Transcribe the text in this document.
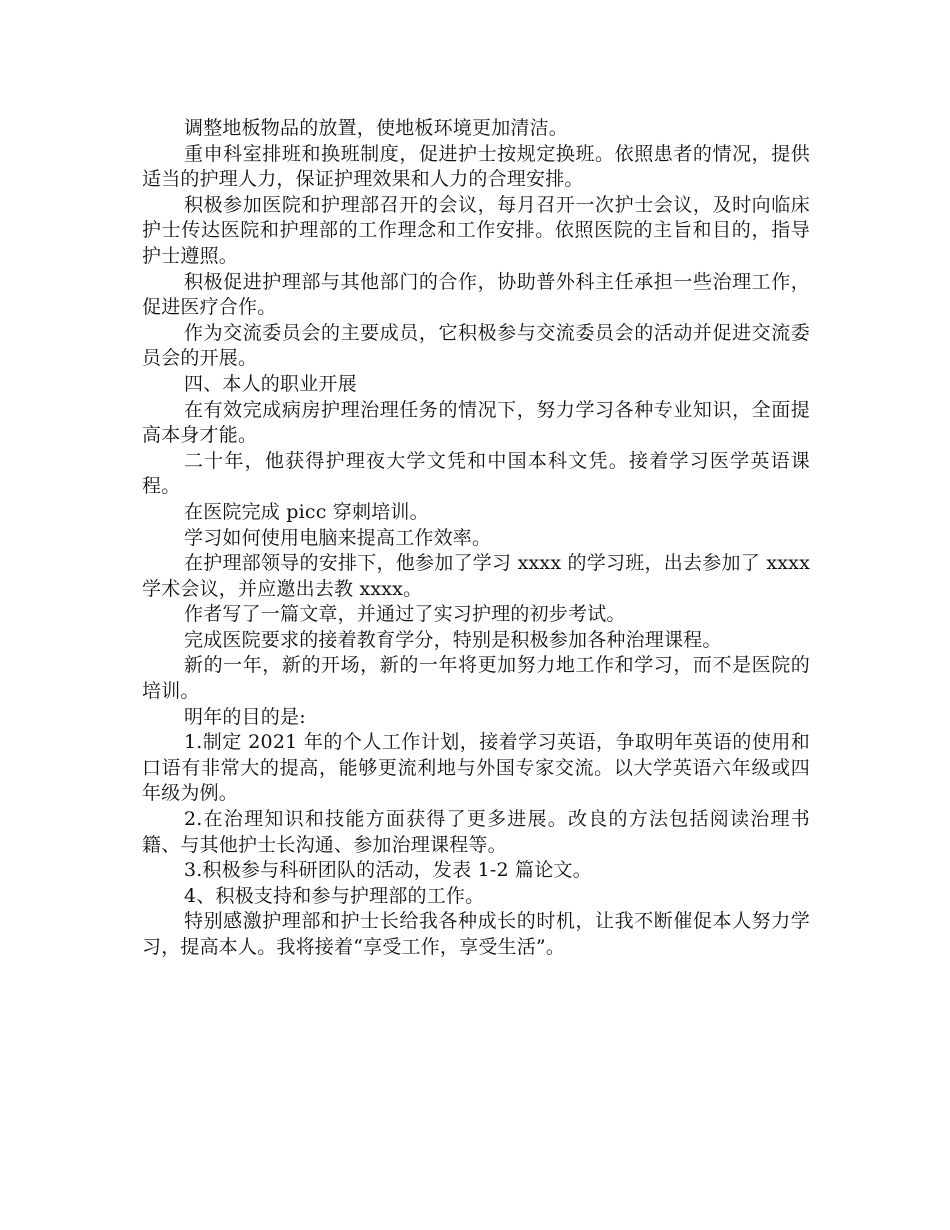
调整地板物品的放置，使地板环境更加清洁。

重申科室排班和换班制度，促进护士按规定换班。依照患者的情况，提供适当的护理人力，保证护理效果和人力的合理安排。

积极参加医院和护理部召开的会议，每月召开一次护士会议，及时向临床护士传达医院和护理部的工作理念和工作安排。依照医院的主旨和目的，指导护士遵照。

积极促进护理部与其他部门的合作，协助普外科主任承担一些治理工作，促进医疗合作。

作为交流委员会的主要成员，它积极参与交流委员会的活动并促进交流委员会的开展。

四、本人的职业开展

在有效完成病房护理治理任务的情况下，努力学习各种专业知识，全面提高本身才能。

二十年，他获得护理夜大学文凭和中国本科文凭。接着学习医学英语课程。

在医院完成 picc 穿刺培训。

学习如何使用电脑来提高工作效率。

在护理部领导的安排下，他参加了学习 xxxx 的学习班，出去参加了 xxxx 学术会议，并应邀出去教 xxxx。

作者写了一篇文章，并通过了实习护理的初步考试。

完成医院要求的接着教育学分，特别是积极参加各种治理课程。

新的一年，新的开场，新的一年将更加努力地工作和学习，而不是医院的培训。

明年的目的是:

1.制定 2021 年的个人工作计划，接着学习英语，争取明年英语的使用和口语有非常大的提高，能够更流利地与外国专家交流。以大学英语六年级或四年级为例。

2.在治理知识和技能方面获得了更多进展。改良的方法包括阅读治理书籍、与其他护士长沟通、参加治理课程等。

3.积极参与科研团队的活动，发表 1-2 篇论文。

4、积极支持和参与护理部的工作。

特别感激护理部和护士长给我各种成长的时机，让我不断催促本人努力学习，提高本人。我将接着“享受工作，享受生活”。
